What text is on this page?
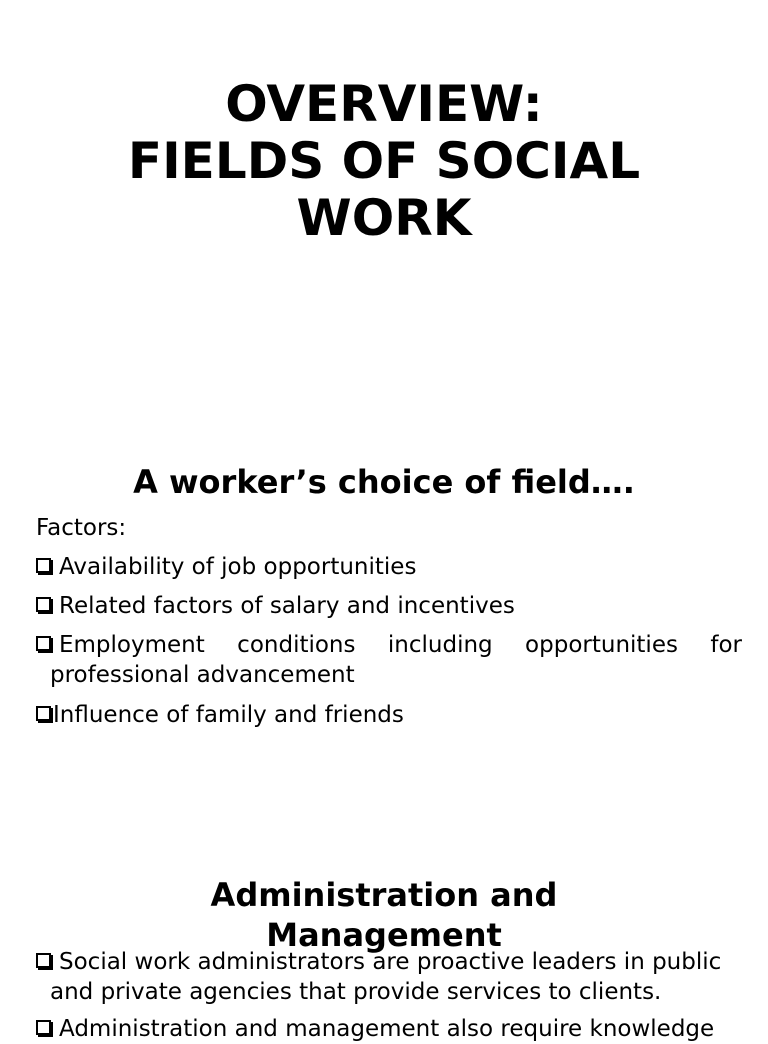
OVERVIEW:
FIELDS OF SOCIAL
WORK
A worker’s choice of field….
Factors:
Availability of job opportunities
Related factors of salary and incentives
Employment conditions including opportunities for
professional advancement
Influence of family and friends
Administration and
Management
Social work administrators are proactive leaders in public
and private agencies that provide services to clients.
Administration and management also require knowledge
